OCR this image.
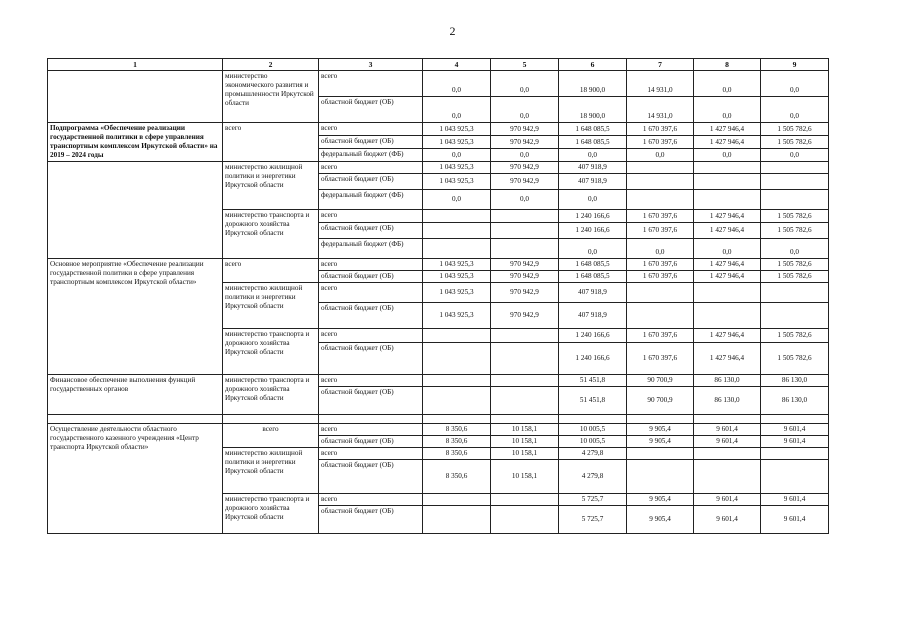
2
1	2	3	4	5	6	7	8	9
	министерство экономического развития и промышленности Иркутской области	всего	0,0	0,0	18 900,0	14 931,0	0,0	0,0
		областной бюджет (ОБ)	0,0	0,0	18 900,0	14 931,0	0,0	0,0
Подпрограмма «Обеспечение реализации государственной политики в сфере управления транспортным комплексом Иркутской области» на 2019 – 2024 годы	всего	всего	1 043 925,3	970 942,9	1 648 085,5	1 670 397,6	1 427 946,4	1 505 782,6
		областной бюджет (ОБ)	1 043 925,3	970 942,9	1 648 085,5	1 670 397,6	1 427 946,4	1 505 782,6
		федеральный бюджет (ФБ)	0,0	0,0	0,0	0,0	0,0	0,0
	министерство жилищной политики и энергетики Иркутской области	всего	1 043 925,3	970 942,9	407 918,9			
		областной бюджет (ОБ)	1 043 925,3	970 942,9	407 918,9			
		федеральный бюджет (ФБ)	0,0	0,0	0,0			
	министерство транспорта и дорожного хозяйства Иркутской области	всего			1 240 166,6	1 670 397,6	1 427 946,4	1 505 782,6
		областной бюджет (ОБ)			1 240 166,6	1 670 397,6	1 427 946,4	1 505 782,6
		федеральный бюджет (ФБ)			0,0	0,0	0,0	0,0
Основное мероприятие «Обеспечение реализации государственной политики в сфере управления транспортным комплексом Иркутской области»	всего	всего	1 043 925,3	970 942,9	1 648 085,5	1 670 397,6	1 427 946,4	1 505 782,6
		областной бюджет (ОБ)	1 043 925,3	970 942,9	1 648 085,5	1 670 397,6	1 427 946,4	1 505 782,6
	министерство жилищной политики и энергетики Иркутской области	всего	1 043 925,3	970 942,9	407 918,9			
		областной бюджет (ОБ)	1 043 925,3	970 942,9	407 918,9			
	министерство транспорта и дорожного хозяйства Иркутской области	всего			1 240 166,6	1 670 397,6	1 427 946,4	1 505 782,6
		областной бюджет (ОБ)			1 240 166,6	1 670 397,6	1 427 946,4	1 505 782,6
Финансовое обеспечение выполнения функций государственных органов	министерство транспорта и дорожного хозяйства Иркутской области	всего			51 451,8	90 700,9	86 130,0	86 130,0
		областной бюджет (ОБ)			51 451,8	90 700,9	86 130,0	86 130,0

Осуществление деятельности областного государственного казенного учреждения «Центр транспорта Иркутской области»	всего	всего	8 350,6	10 158,1	10 005,5	9 905,4	9 601,4	9 601,4
		областной бюджет (ОБ)	8 350,6	10 158,1	10 005,5	9 905,4	9 601,4	9 601,4
	министерство жилищной политики и энергетики Иркутской области	всего	8 350,6	10 158,1	4 279,8			
		областной бюджет (ОБ)	8 350,6	10 158,1	4 279,8			
	министерство транспорта и дорожного хозяйства Иркутской области	всего			5 725,7	9 905,4	9 601,4	9 601,4
		областной бюджет (ОБ)			5 725,7	9 905,4	9 601,4	9 601,4
